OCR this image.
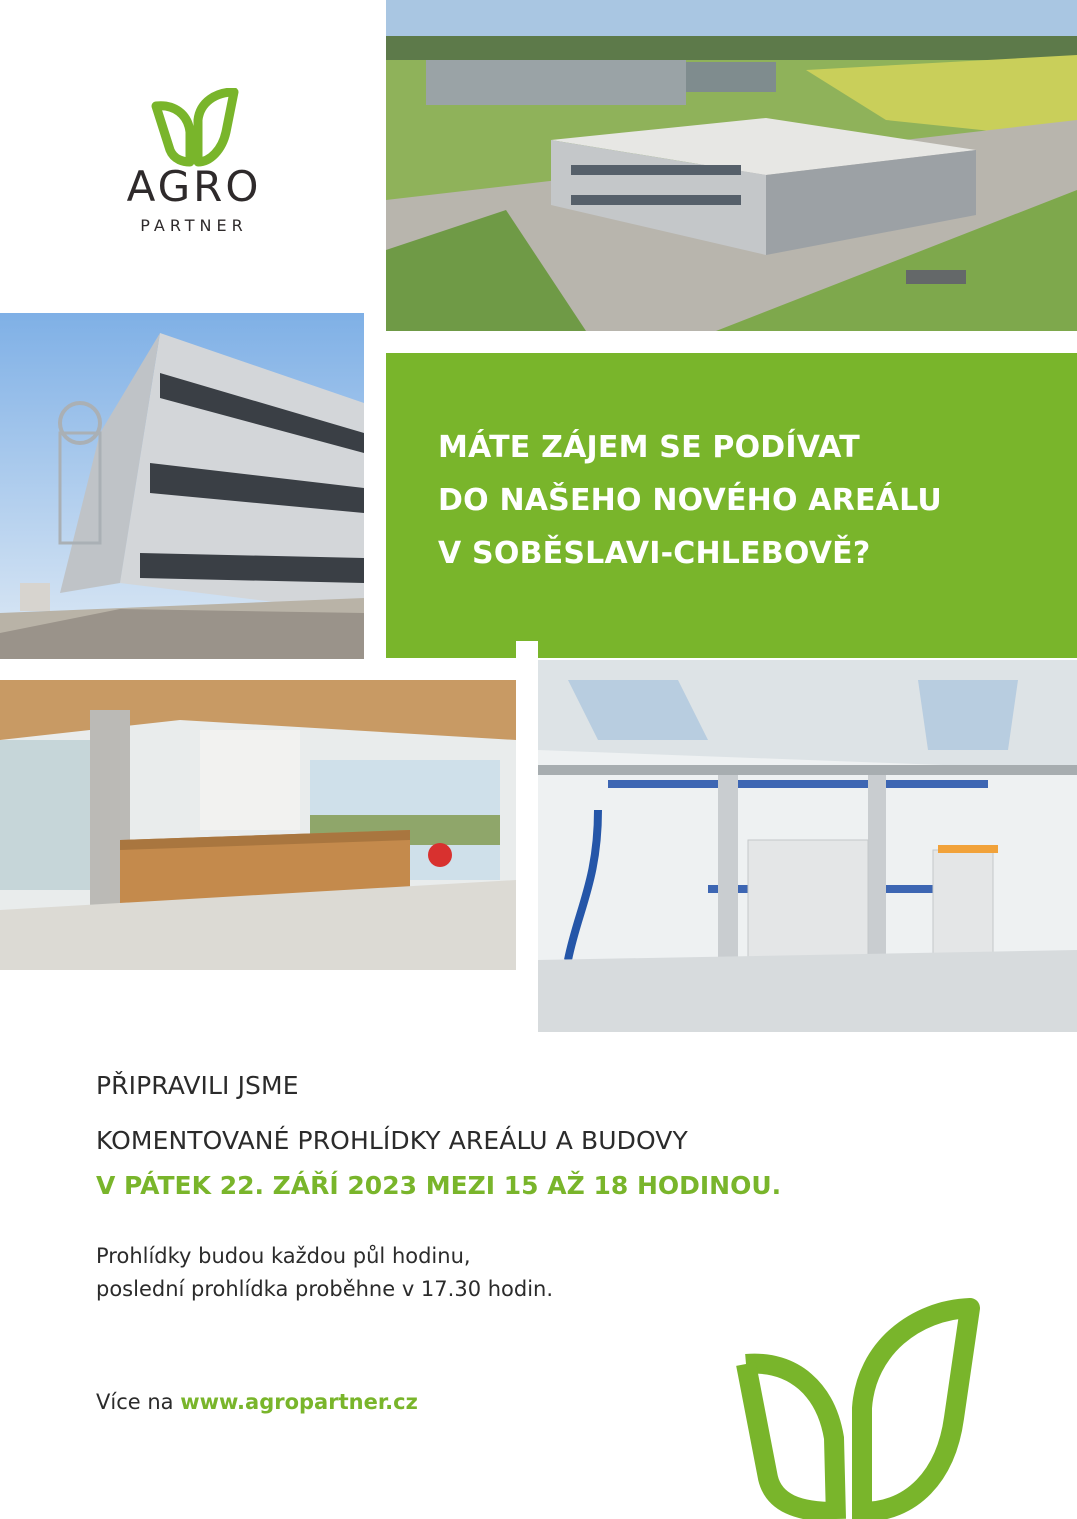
AGRO
PARTNER
MÁTE ZÁJEM SE PODÍVAT
DO NAŠEHO NOVÉHO AREÁLU
V SOBĚSLAVI-CHLEBOVĚ?
PŘIPRAVILI JSME
KOMENTOVANÉ PROHLÍDKY AREÁLU A BUDOVY
V PÁTEK 22. ZÁŘÍ 2023 MEZI 15 AŽ 18 HODINOU.
Prohlídky budou každou půl hodinu,
poslední prohlídka proběhne v 17.30 hodin.
Více na www.agropartner.cz
